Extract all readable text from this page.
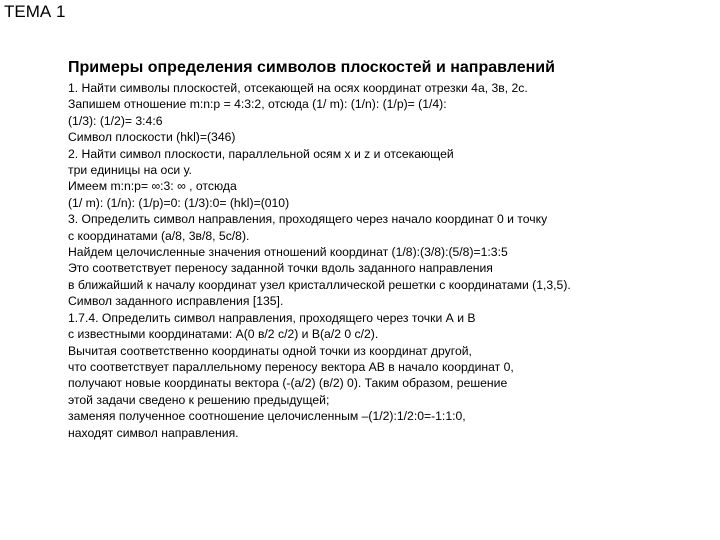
ТЕМА 1
Примеры определения символов плоскостей и направлений
1. Найти символы плоскостей, отсекающей на осях координат отрезки 4а, 3в, 2с.
Запишем отношение m:n:p = 4:3:2, отсюда (1/ m): (1/n): (1/p)= (1/4):
(1/3): (1/2)= 3:4:6
Символ плоскости (hkl)=(346)
2. Найти символ плоскости, параллельной осям х и z и отсекающей
три единицы на оси у.
Имеем m:n:p= ∞:3: ∞ , отсюда
(1/ m): (1/n): (1/p)=0: (1/3):0= (hkl)=(010)
3. Определить символ направления, проходящего через начало координат 0 и точку
с координатами (а/8, 3в/8, 5с/8).
Найдем целочисленные значения отношений координат (1/8):(3/8):(5/8)=1:3:5
Это соответствует переносу заданной точки вдоль заданного направления
в ближайший к началу координат узел кристаллической решетки с координатами (1,3,5).
Символ заданного исправления [135].
1.7.4. Определить символ направления, проходящего через точки А и В
с известными координатами: А(0 в/2 с/2) и В(а/2 0 с/2).
Вычитая соответственно координаты одной точки из координат другой,
что соответствует параллельному переносу вектора АВ в начало координат 0,
получают новые координаты вектора (-(а/2) (в/2) 0). Таким образом, решение
этой задачи сведено к решению предыдущей;
заменяя полученное соотношение целочисленным –(1/2):1/2:0=-1:1:0,
находят символ направления.
